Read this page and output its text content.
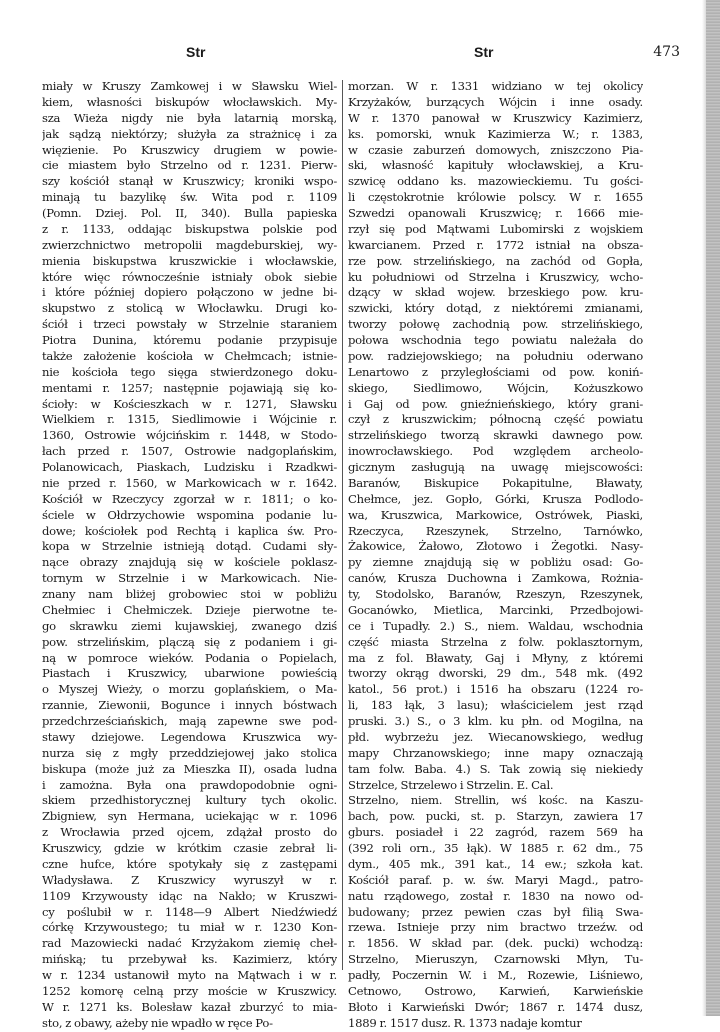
Str	Str	473
miały w Kruszy Zamkowej i w Sławsku Wiel-
kiem, własności biskupów włocławskich. My-
sza Wieża nigdy nie była latarnią morską,
jak sądzą niektórzy; służyła za strażnicę i za
więzienie. Po Kruszwicy drugiem w powie-
cie miastem było Strzelno od r. 1231. Pierw-
szy kościół stanął w Kruszwicy; kroniki wspo-
minają tu bazylikę św. Wita pod r. 1109
(Pomn. Dziej. Pol. II, 340). Bulla papieska
z r. 1133, oddając biskupstwa polskie pod
zwierzchnictwo metropolii magdeburskiej, wy-
mienia biskupstwa kruszwickie i włocławskie,
które więc równocześnie istniały obok siebie
i które później dopiero połączono w jedne bi-
skupstwo z stolicą w Włocławku. Drugi ko-
ściół i trzeci powstały w Strzelnie staraniem
Piotra Dunina, któremu podanie przypisuje
także założenie kościoła w Chełmcach; istnie-
nie kościoła tego sięga stwierdzonego doku-
mentami r. 1257; następnie pojawiają się ko-
ścioły: w Kościeszkach w r. 1271, Sławsku
Wielkiem r. 1315, Siedlimowie i Wójcinie r.
1360, Ostrowie wójcińskim r. 1448, w Stodo-
łach przed r. 1507, Ostrowie nadgoplańskim,
Polanowicach, Piaskach, Ludzisku i Rzadkwi-
nie przed r. 1560, w Markowicach w r. 1642.
Kościół w Rzeczycy zgorzał w r. 1811; o ko-
ściele w Ołdrzychowie wspomina podanie lu-
dowe; kościołek pod Rechtą i kaplica św. Pro-
kopa w Strzelnie istnieją dotąd. Cudami sły-
nące obrazy znajdują się w kościele poklasz-
tornym w Strzelnie i w Markowicach. Nie-
znany nam bliżej grobowiec stoi w pobliżu
Chełmiec i Chełmiczek. Dzieje pierwotne te-
go skrawku ziemi kujawskiej, zwanego dziś
pow. strzelińskim, plączą się z podaniem i gi-
ną w pomroce wieków. Podania o Popielach,
Piastach i Kruszwicy, ubarwione powieścią
o Myszej Wieży, o morzu goplańskiem, o Ma-
rzannie, Ziewonii, Bogunce i innych bóstwach
przedchrześciańskich, mają zapewne swe pod-
stawy dziejowe. Legendowa Kruszwica wy-
nurza się z mgły przeddziejowej jako stolica
biskupa (może już za Mieszka II), osada ludna
i zamożna. Była ona prawdopodobnie ogni-
skiem przedhistorycznej kultury tych okolic.
Zbigniew, syn Hermana, uciekając w r. 1096
z Wrocławia przed ojcem, zdążał prosto do
Kruszwicy, gdzie w krótkim czasie zebrał li-
czne hufce, które spotykały się z zastępami
Władysława. Z Kruszwicy wyruszył w r.
1109 Krzywousty idąc na Nakło; w Kruszwi-
cy poślubił w r. 1148—9 Albert Niedźwiedź
córkę Krzywoustego; tu miał w r. 1230 Kon-
rad Mazowiecki nadać Krzyżakom ziemię cheł-
mińską; tu przebywał ks. Kazimierz, który
w r. 1234 ustanowił myto na Mątwach i w r.
1252 komorę celną przy moście w Kruszwicy.
W r. 1271 ks. Bolesław kazał zburzyć to mia-
sto, z obawy, ażeby nie wpadło w ręce Po-
morzan. W r. 1331 widziano w tej okolicy
Krzyżaków, burzących Wójcin i inne osady.
W r. 1370 panował w Kruszwicy Kazimierz,
ks. pomorski, wnuk Kazimierza W.; r. 1383,
w czasie zaburzeń domowych, zniszczono Pia-
ski, własność kapituły włocławskiej, a Kru-
szwicę oddano ks. mazowieckiemu. Tu gości-
li częstokrotnie królowie polscy. W r. 1655
Szwedzi opanowali Kruszwicę; r. 1666 mie-
rzył się pod Mątwami Lubomirski z wojskiem
kwarcianem. Przed r. 1772 istniał na obsza-
rze pow. strzelińskiego, na zachód od Gopła,
ku południowi od Strzelna i Kruszwicy, wcho-
dzący w skład wojew. brzeskiego pow. kru-
szwicki, który dotąd, z niektóremi zmianami,
tworzy połowę zachodnią pow. strzelińskiego,
połowa wschodnia tego powiatu należała do
pow. radziejowskiego; na południu oderwano
Lenartowo z przyległościami od pow. koniń-
skiego, Siedlimowo, Wójcin, Kożuszkowo
i Gaj od pow. gnieźnieńskiego, który grani-
czył z kruszwickim; północną część powiatu
strzelińskiego tworzą skrawki dawnego pow.
inowrocławskiego. Pod względem archeolo-
gicznym zasługują na uwagę miejscowości:
Baranów, Biskupice Pokapitulne, Bławaty,
Chełmce, jez. Gopło, Górki, Krusza Podlodo-
wa, Kruszwica, Markowice, Ostrówek, Piaski,
Rzeczyca, Rzeszynek, Strzelno, Tarnówko,
Żakowice, Żałowo, Złotowo i Żegotki. Nasy-
py ziemne znajdują się w pobliżu osad: Go-
canów, Krusza Duchowna i Zamkowa, Rożnia-
ty, Stodolsko, Baranów, Rzeszyn, Rzeszynek,
Gocanówko, Mietlica, Marcinki, Przedbojowi-
ce i Tupadły. 2.) S., niem. Waldau, wschodnia
część miasta Strzelna z folw. poklasztornym,
ma z fol. Bławaty, Gaj i Młyny, z któremi
tworzy okrąg dworski, 29 dm., 548 mk. (492
katol., 56 prot.) i 1516 ha obszaru (1224 ro-
li, 183 łąk, 3 lasu); właścicielem jest rząd
pruski. 3.) S., o 3 klm. ku płn. od Mogilna, na
płd. wybrzeżu jez. Wiecanowskiego, według
mapy Chrzanowskiego; inne mapy oznaczają
tam folw. Baba. 4.) S. Tak zowią się niekiedy
Strzelce, Strzelewo i Strzelin. E. Cal.
Strzelno, niem. Strellin, wś kośc. na Kaszu-
bach, pow. pucki, st. p. Starzyn, zawiera 17
gburs. posiadeł i 22 zagród, razem 569 ha
(392 roli orn., 35 łąk). W 1885 r. 62 dm., 75
dym., 405 mk., 391 kat., 14 ew.; szkoła kat.
Kościół paraf. p. w. św. Maryi Magd., patro-
natu rządowego, został r. 1830 na nowo od-
budowany; przez pewien czas był filią Swa-
rzewa. Istnieje przy nim bractwo trzeźw. od
r. 1856. W skład par. (dek. pucki) wchodzą:
Strzelno, Mieruszyn, Czarnowski Młyn, Tu-
padły, Poczernin W. i M., Rozewie, Liśniewo,
Cetnowo, Ostrowo, Karwień, Karwieńskie
Błoto i Karwieński Dwór; 1867 r. 1474 dusz,
1889 r. 1517 dusz. R. 1373 nadaje komtur
